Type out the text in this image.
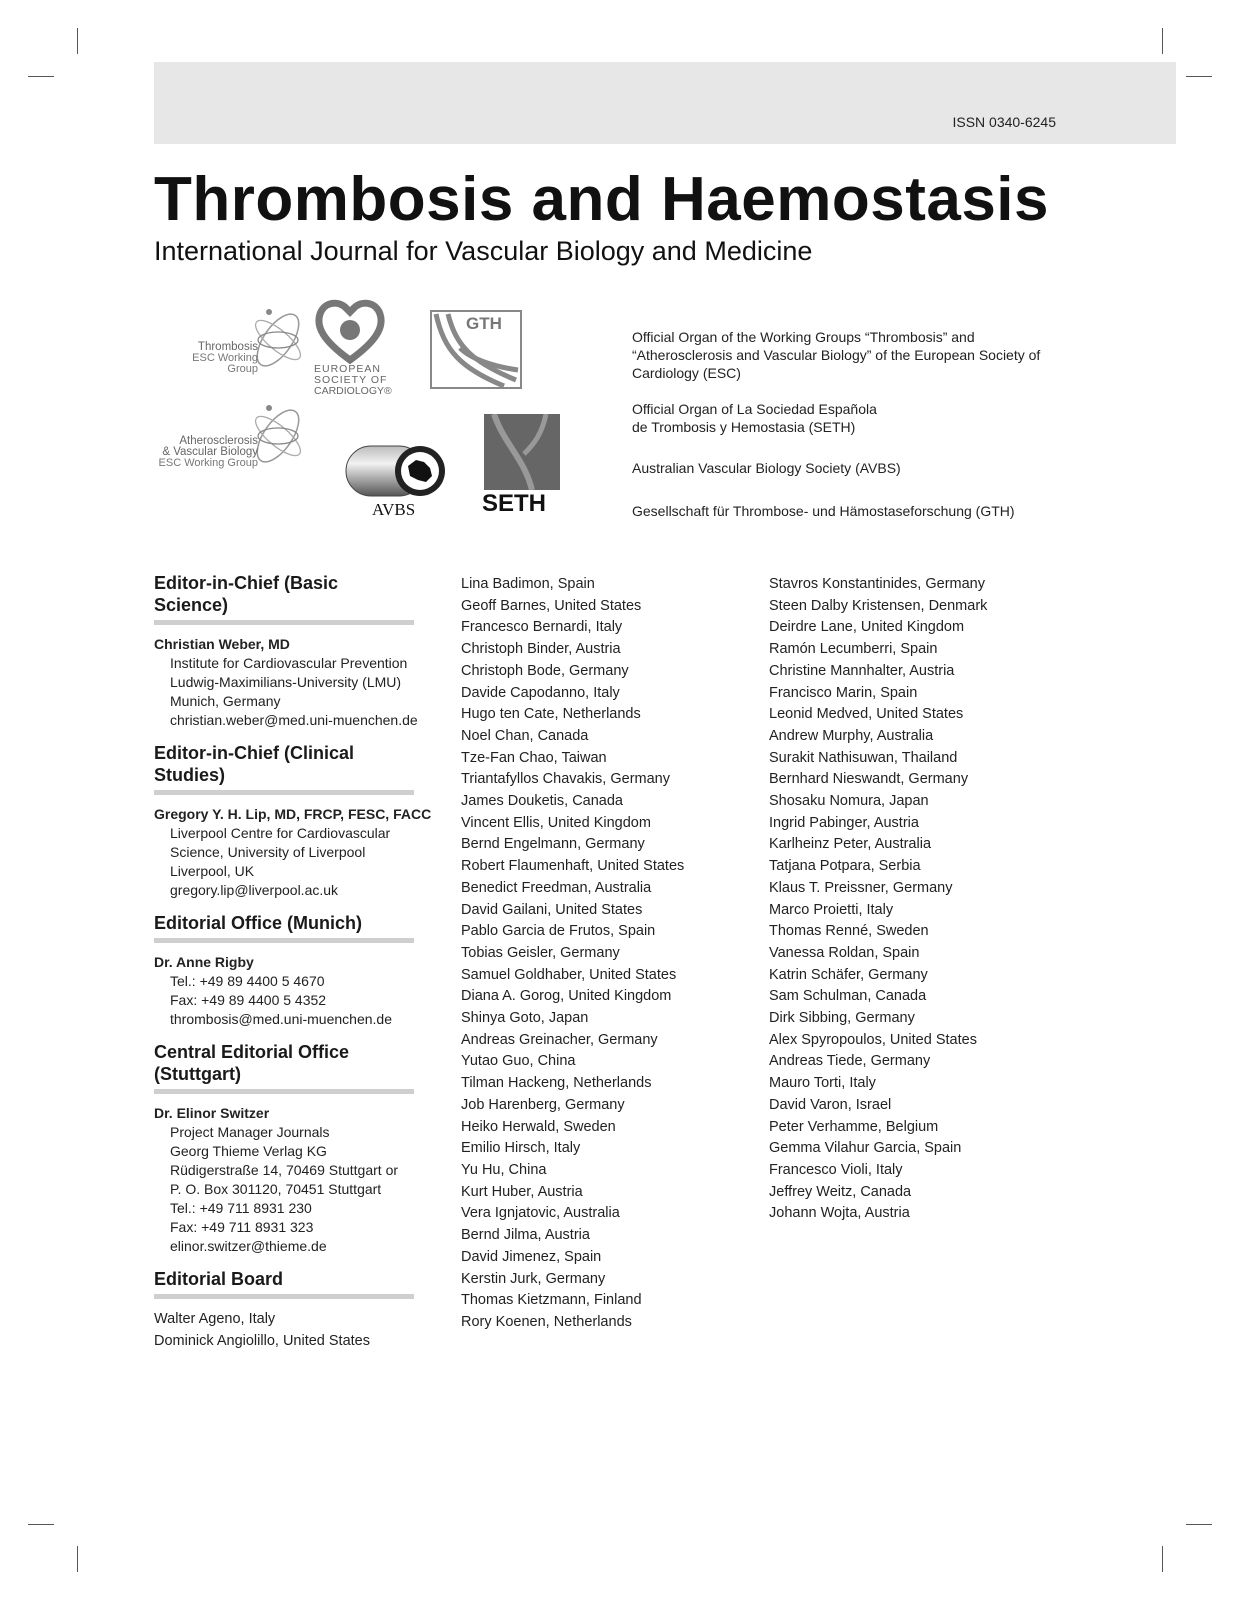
ISSN 0340-6245
Thrombosis and Haemostasis
International Journal for Vascular Biology and Medicine
Thrombosis
ESC Working Group	EUROPEAN
SOCIETY OF
CARDIOLOGY®
GTH
Atherosclerosis
& Vascular Biology
ESC Working Group
AVBS	SETH

Official Organ of the Working Groups “Thrombosis” and “Atherosclerosis and Vascular Biology” of the European Society of Cardiology (ESC)

Official Organ of La Sociedad Española de Trombosis y Hemostasia (SETH)

Australian Vascular Biology Society (AVBS)

Gesellschaft für Thrombose- und Hämostaseforschung (GTH)

Editor-in-Chief (Basic Science)
Christian Weber, MD
Institute for Cardiovascular Prevention
Ludwig-Maximilians-University (LMU)
Munich, Germany
christian.weber@med.uni-muenchen.de
Editor-in-Chief (Clinical Studies)
Gregory Y. H. Lip, MD, FRCP, FESC, FACC
Liverpool Centre for Cardiovascular
Science, University of Liverpool
Liverpool, UK
gregory.lip@liverpool.ac.uk
Editorial Office (Munich)
Dr. Anne Rigby
Tel.: +49 89 4400 5 4670
Fax: +49 89 4400 5 4352
thrombosis@med.uni-muenchen.de
Central Editorial Office
(Stuttgart)
Dr. Elinor Switzer
Project Manager Journals
Georg Thieme Verlag KG
Rüdigerstraße 14, 70469 Stuttgart or
P. O. Box 301120, 70451 Stuttgart
Tel.: +49 711 8931 230
Fax: +49 711 8931 323
elinor.switzer@thieme.de
Editorial Board
Walter Ageno, Italy
Dominick Angiolillo, United States
Lina Badimon, Spain
Geoff Barnes, United States
Francesco Bernardi, Italy
Christoph Binder, Austria
Christoph Bode, Germany
Davide Capodanno, Italy
Hugo ten Cate, Netherlands
Noel Chan, Canada
Tze-Fan Chao, Taiwan
Triantafyllos Chavakis, Germany
James Douketis, Canada
Vincent Ellis, United Kingdom
Bernd Engelmann, Germany
Robert Flaumenhaft, United States
Benedict Freedman, Australia
David Gailani, United States
Pablo Garcia de Frutos, Spain
Tobias Geisler, Germany
Samuel Goldhaber, United States
Diana A. Gorog, United Kingdom
Shinya Goto, Japan
Andreas Greinacher, Germany
Yutao Guo, China
Tilman Hackeng, Netherlands
Job Harenberg, Germany
Heiko Herwald, Sweden
Emilio Hirsch, Italy
Yu Hu, China
Kurt Huber, Austria
Vera Ignjatovic, Australia
Bernd Jilma, Austria
David Jimenez, Spain
Kerstin Jurk, Germany
Thomas Kietzmann, Finland
Rory Koenen, Netherlands
Stavros Konstantinides, Germany
Steen Dalby Kristensen, Denmark
Deirdre Lane, United Kingdom
Ramón Lecumberri, Spain
Christine Mannhalter, Austria
Francisco Marin, Spain
Leonid Medved, United States
Andrew Murphy, Australia
Surakit Nathisuwan, Thailand
Bernhard Nieswandt, Germany
Shosaku Nomura, Japan
Ingrid Pabinger, Austria
Karlheinz Peter, Australia
Tatjana Potpara, Serbia
Klaus T. Preissner, Germany
Marco Proietti, Italy
Thomas Renné, Sweden
Vanessa Roldan, Spain
Katrin Schäfer, Germany
Sam Schulman, Canada
Dirk Sibbing, Germany
Alex Spyropoulos, United States
Andreas Tiede, Germany
Mauro Torti, Italy
David Varon, Israel
Peter Verhamme, Belgium
Gemma Vilahur Garcia, Spain
Francesco Violi, Italy
Jeffrey Weitz, Canada
Johann Wojta, Austria
